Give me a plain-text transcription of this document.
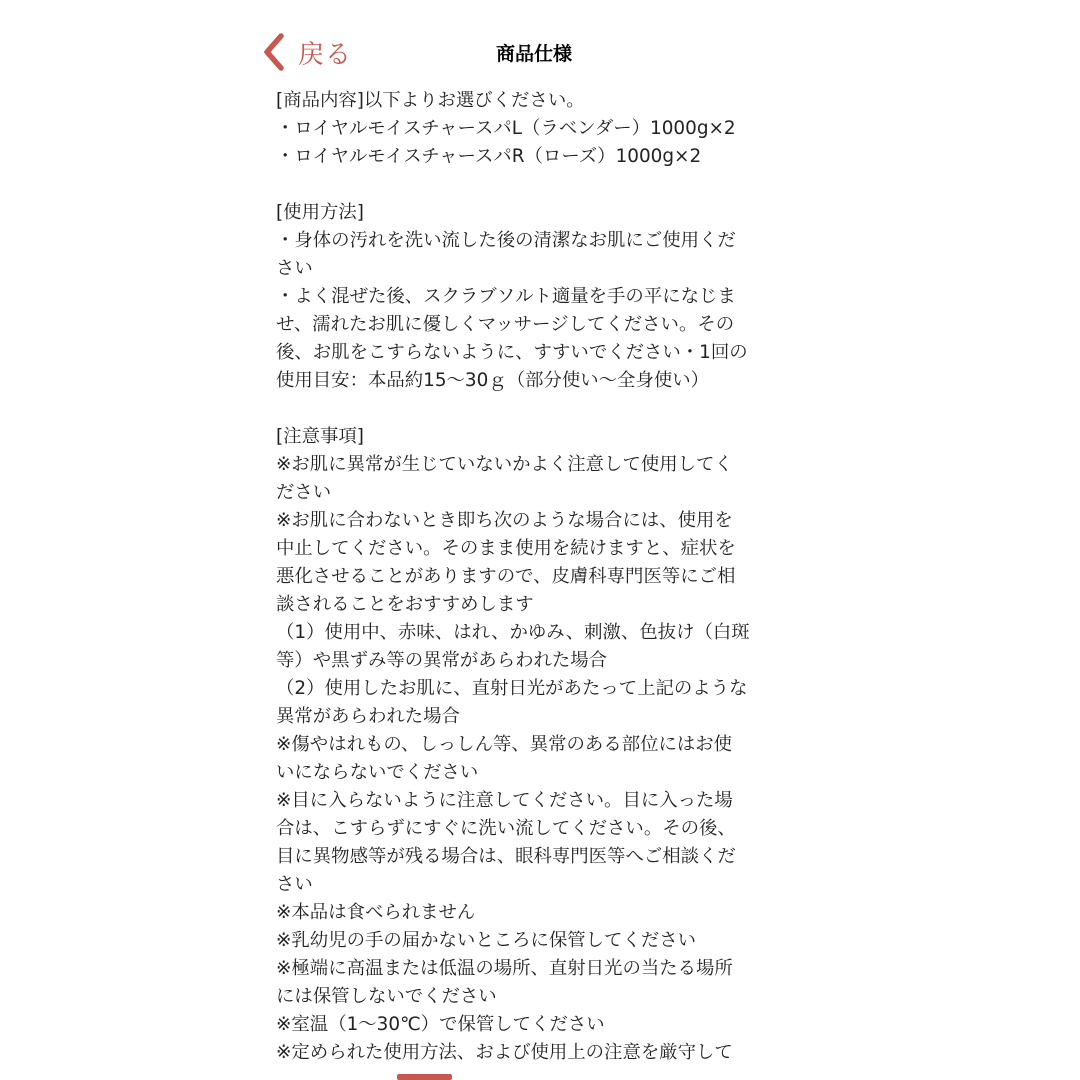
戻る	商品仕様
[商品内容]以下よりお選びください。
・ロイヤルモイスチャースパL（ラベンダー）1000g×2
・ロイヤルモイスチャースパR（ローズ）1000g×2
[使用方法]
・身体の汚れを洗い流した後の清潔なお肌にご使用くだ
さい
・よく混ぜた後、スクラブソルト適量を手の平になじま
せ、濡れたお肌に優しくマッサージしてください。その
後、お肌をこすらないように、すすいでください・1回の
使用目安：本品約15〜30ｇ（部分使い〜全身使い）
[注意事項]
※お肌に異常が生じていないかよく注意して使用してく
ださい
※お肌に合わないとき即ち次のような場合には、使用を
中止してください。そのまま使用を続けますと、症状を
悪化させることがありますので、皮膚科専門医等にご相
談されることをおすすめします
（1）使用中、赤味、はれ、かゆみ、刺激、色抜け（白斑
等）や黒ずみ等の異常があらわれた場合
（2）使用したお肌に、直射日光があたって上記のような
異常があらわれた場合
※傷やはれもの、しっしん等、異常のある部位にはお使
いにならないでください
※目に入らないように注意してください。目に入った場
合は、こすらずにすぐに洗い流してください。その後、
目に異物感等が残る場合は、眼科専門医等へご相談くだ
さい
※本品は食べられません
※乳幼児の手の届かないところに保管してください
※極端に高温または低温の場所、直射日光の当たる場所
には保管しないでください
※室温（1〜30℃）で保管してください
※定められた使用方法、および使用上の注意を厳守して
